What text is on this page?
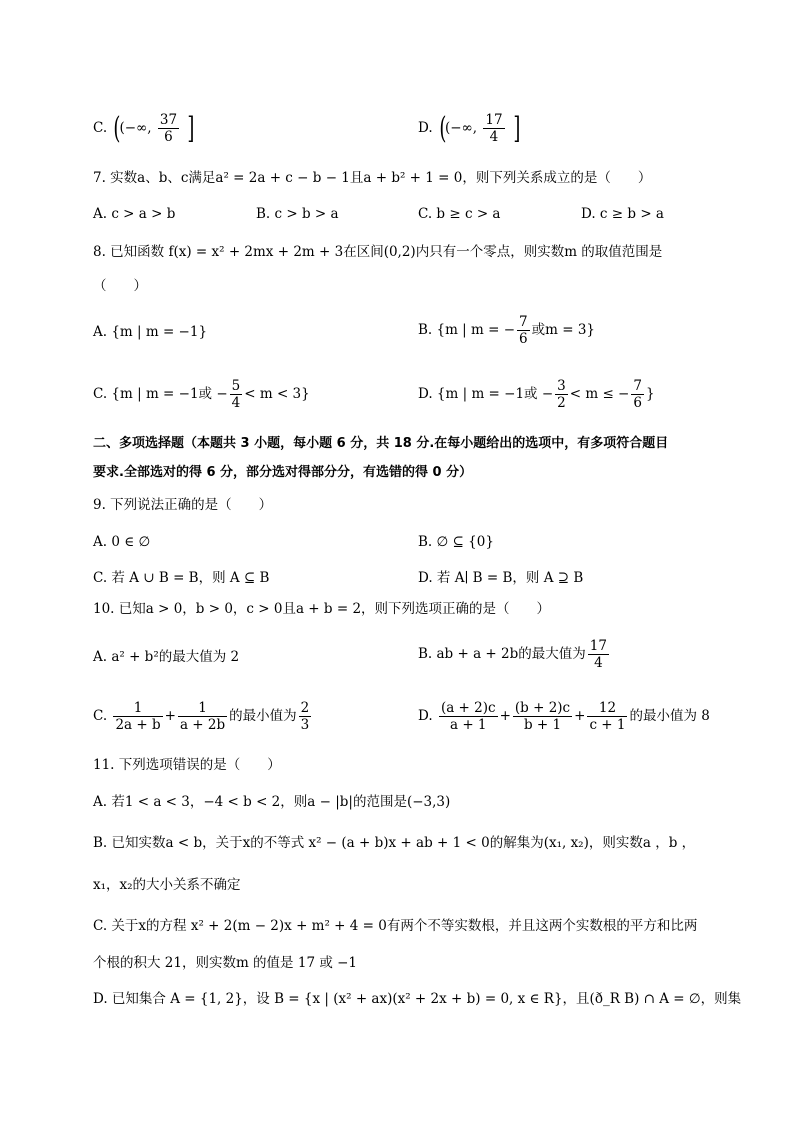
C. ( (−∞, $\frac{37}{6}$ ]	D. ( (−∞, $\frac{17}{4}$ ]
7. 实数a、b、c满足a² = 2a + c − b − 1且a + b² + 1 = 0，则下列关系成立的是（　　）
A. c > a > b	B. c > b > a	C. b ≥ c > a	D. c ≥ b > a
8. 已知函数 f(x) = x² + 2mx + 2m + 3在区间(0,2)内只有一个零点，则实数m 的取值范围是
（　　）
A. {m | m = −1}	B. {m | m = − $\frac{7}{6}$ 或m = 3}
C. {m | m = −1或 − $\frac{5}{4} < m < 3$}	D. {m | m = −1或 − $\frac{3}{2} < m$ ≤ − $\frac{7}{6}$ }
二、多项选择题（本题共 3 小题，每小题 6 分，共 18 分.在每小题给出的选项中，有多项符合题目
要求.全部选对的得 6 分，部分选对得部分分，有选错的得 0 分）
9. 下列说法正确的是（　　）
A. 0 ∈ ∅	B. ∅ ⊆ {0}
C. 若 A ∪ B = B，则 A ⊆ B	D. 若 A∣ B = B，则 A ⊇ B
10. 已知a > 0，b > 0，c > 0且a + b = 2，则下列选项正确的是（　　）
A. a² + b²的最大值为 2	B. ab + a + 2b的最大值为 $\frac{17}{4}$
C. $\frac{1}{2a + b} + \frac{1}{a + 2b}$ 的最小值为 $\frac{2}{3}$	D. $\frac{(a + 2)c}{a + 1} + \frac{(b + 2)c}{b + 1} + \frac{12}{c + 1}$ 的最小值为 8
11. 下列选项错误的是（　　）
A. 若1 < a < 3，−4 < b < 2，则a − |b|的范围是(−3,3)
B. 已知实数a < b，关于x的不等式 x² − (a + b)x + ab + 1 < 0的解集为(x₁, x₂)，则实数a ，b ，
x₁，x₂的大小关系不确定
C. 关于x的方程 x² + 2(m − 2)x + m² + 4 = 0有两个不等实数根，并且这两个实数根的平方和比两
个根的积大 21，则实数m 的值是 17 或 −1
D. 已知集合 A = {1, 2}，设 B = {x | (x² + ax)(x² + 2x + b) = 0, x ∈ R}，且(ð_R B) ∩ A = ∅，则集
